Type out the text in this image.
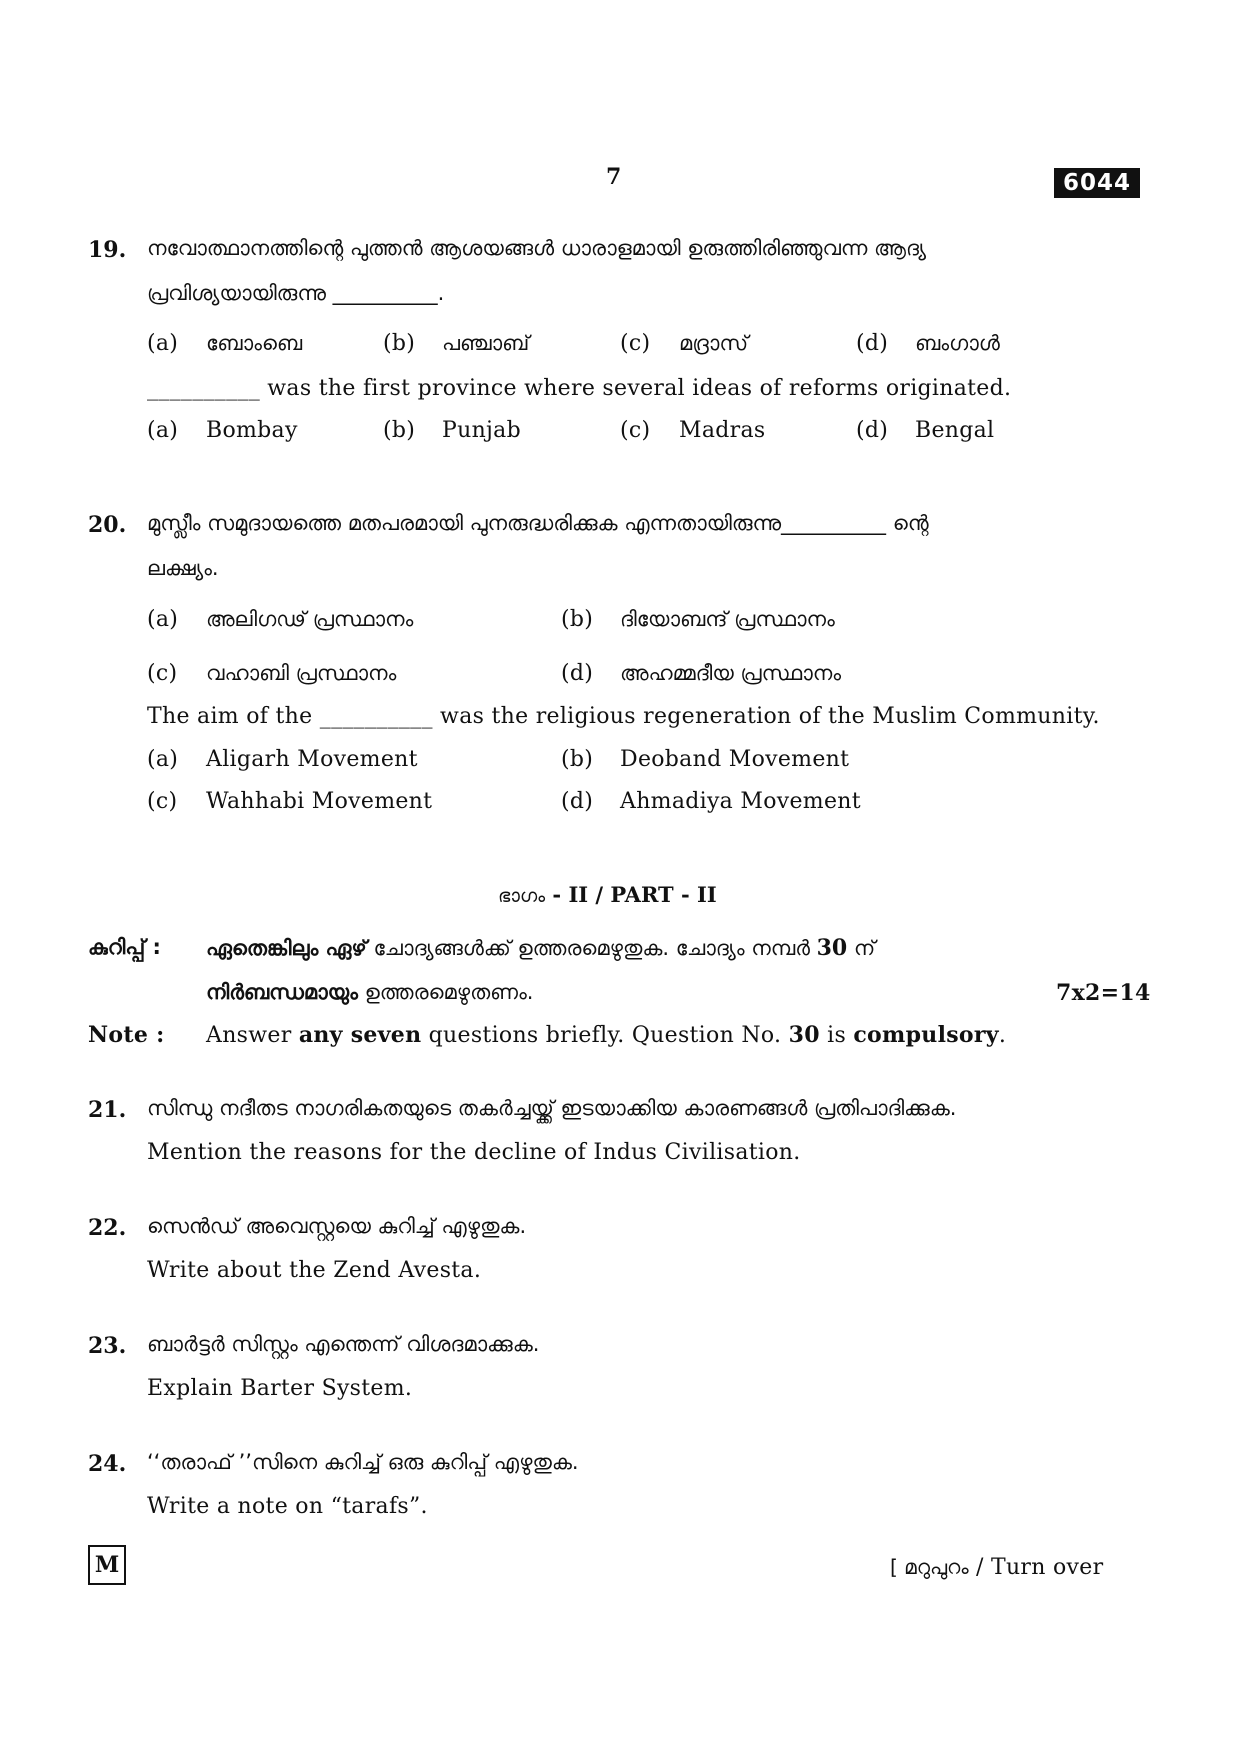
7	6044
19. നവോത്ഥാനത്തിന്റെ പുത്തൻ ആശയങ്ങൾ ധാരാളമായി ഉരുത്തിരിഞ്ഞുവന്ന ആദ്യ
പ്രവിശ്യയായിരുന്നു __________.
(a) ബോംബെ	(b) പഞ്ചാബ്	(c) മദ്രാസ്	(d) ബംഗാൾ
__________ was the first province where several ideas of reforms originated.
(a) Bombay	(b) Punjab	(c) Madras	(d) Bengal
20. മുസ്ലീം സമുദായത്തെ മതപരമായി പുനരുദ്ധരിക്കുക എന്നതായിരുന്നു__________ ന്റെ
ലക്ഷ്യം.
(a) അലിഗഢ് പ്രസ്ഥാനം	(b) ദിയോബന്ദ് പ്രസ്ഥാനം
(c) വഹാബി പ്രസ്ഥാനം	(d) അഹമ്മദീയ പ്രസ്ഥാനം
The aim of the __________ was the religious regeneration of the Muslim Community.
(a) Aligarh Movement	(b) Deoband Movement
(c) Wahhabi Movement	(d) Ahmadiya Movement
ഭാഗം - II / PART - II
കുറിപ്പ് : ഏതെങ്കിലും ഏഴ് ചോദ്യങ്ങൾക്ക് ഉത്തരമെഴുതുക. ചോദ്യം നമ്പർ 30 ന്
നിർബന്ധമായും ഉത്തരമെഴുതണം.	7x2=14
Note : Answer any seven questions briefly. Question No. 30 is compulsory.
21. സിന്ധു നദീതട നാഗരികതയുടെ തകർച്ചയ്ക്ക് ഇടയാക്കിയ കാരണങ്ങൾ പ്രതിപാദിക്കുക.
Mention the reasons for the decline of Indus Civilisation.
22. സെൻഡ് അവെസ്റ്റയെ കുറിച്ച് എഴുതുക.
Write about the Zend Avesta.
23. ബാർട്ടർ സിസ്റ്റം എന്തെന്ന് വിശദമാക്കുക.
Explain Barter System.
24. ‘‘തരാഫ് ’’സിനെ കുറിച്ച് ഒരു കുറിപ്പ് എഴുതുക.
Write a note on “tarafs”.
M	[ മറുപുറം / Turn over
